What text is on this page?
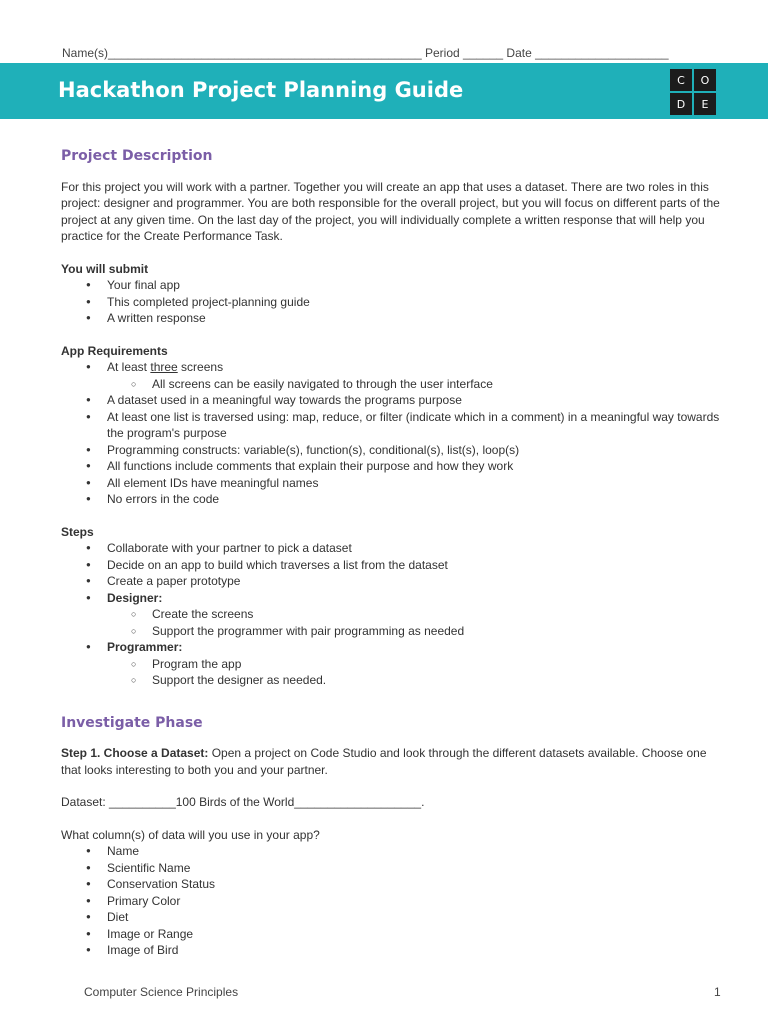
Name(s)_______________________________________________ Period ______ Date ____________________
Hackathon Project Planning Guide	C	O
D	E
Project Description

For this project you will work with a partner. Together you will create an app that uses a dataset. There are two roles in this project: designer and programmer. You are both responsible for the overall project, but you will focus on different parts of the project at any given time. On the last day of the project, you will individually complete a written response that will help you practice for the Create Performance Task.

You will submit

● Your final app
● This completed project-planning guide
● A written response

App Requirements

● At least three screens
○ All screens can be easily navigated to through the user interface
● A dataset used in a meaningful way towards the programs purpose
● At least one list is traversed using: map, reduce, or filter (indicate which in a comment) in a meaningful way towards the program's purpose
● Programming constructs: variable(s), function(s), conditional(s), list(s), loop(s)
● All functions include comments that explain their purpose and how they work
● All element IDs have meaningful names
● No errors in the code

Steps

● Collaborate with your partner to pick a dataset
● Decide on an app to build which traverses a list from the dataset
● Create a paper prototype
● Designer:
○ Create the screens
○ Support the programmer with pair programming as needed
● Programmer:
○ Program the app
○ Support the designer as needed.
Investigate Phase

Step 1. Choose a Dataset: Open a project on Code Studio and look through the different datasets available. Choose one that looks interesting to both you and your partner.

Dataset: __________100 Birds of the World___________________.

What column(s) of data will you use in your app?

● Name
● Scientific Name
● Conservation Status
● Primary Color
● Diet
● Image or Range
● Image of Bird
Computer Science Principles	1
